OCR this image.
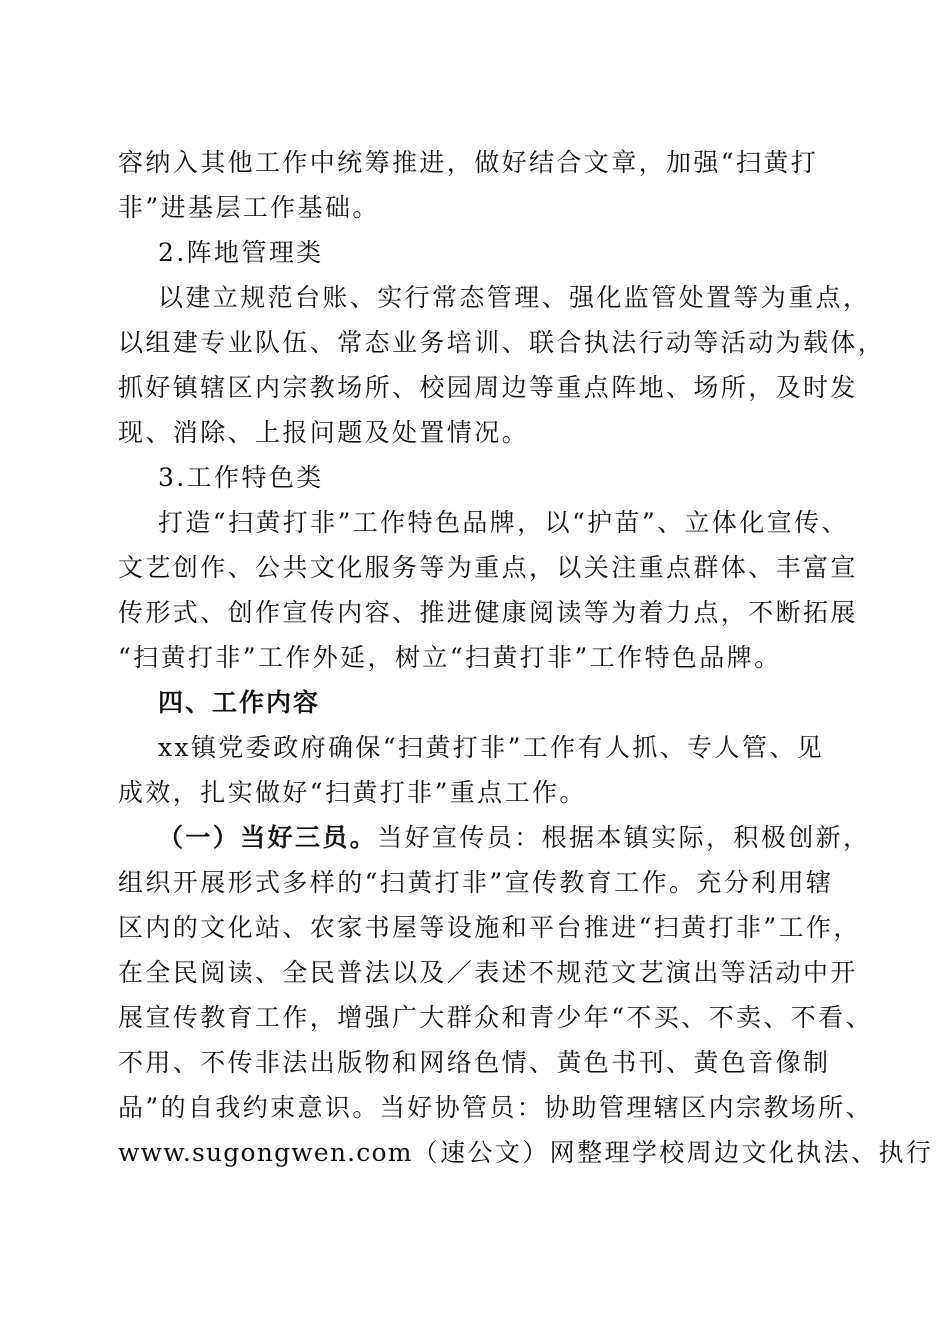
容纳入其他工作中统筹推进，做好结合文章，加强“扫黄打
非”进基层工作基础。
2.阵地管理类
以建立规范台账、实行常态管理、强化监管处置等为重点，
以组建专业队伍、常态业务培训、联合执法行动等活动为载体，
抓好镇辖区内宗教场所、校园周边等重点阵地、场所，及时发
现、消除、上报问题及处置情况。
3.工作特色类
打造“扫黄打非”工作特色品牌，以“护苗”、立体化宣传、
文艺创作、公共文化服务等为重点，以关注重点群体、丰富宣
传形式、创作宣传内容、推进健康阅读等为着力点，不断拓展
“扫黄打非”工作外延，树立“扫黄打非”工作特色品牌。
四、工作内容
xx镇党委政府确保“扫黄打非”工作有人抓、专人管、见
成效，扎实做好“扫黄打非”重点工作。
（一）当好三员。当好宣传员：根据本镇实际，积极创新，
组织开展形式多样的“扫黄打非”宣传教育工作。充分利用辖
区内的文化站、农家书屋等设施和平台推进“扫黄打非”工作，
在全民阅读、全民普法以及／表述不规范文艺演出等活动中开
展宣传教育工作，增强广大群众和青少年“不买、不卖、不看、
不用、不传非法出版物和网络色情、黄色书刊、黄色音像制
品”的自我约束意识。当好协管员：协助管理辖区内宗教场所、
www.sugongwen.com（速公文）网整理学校周边文化执法、执行
